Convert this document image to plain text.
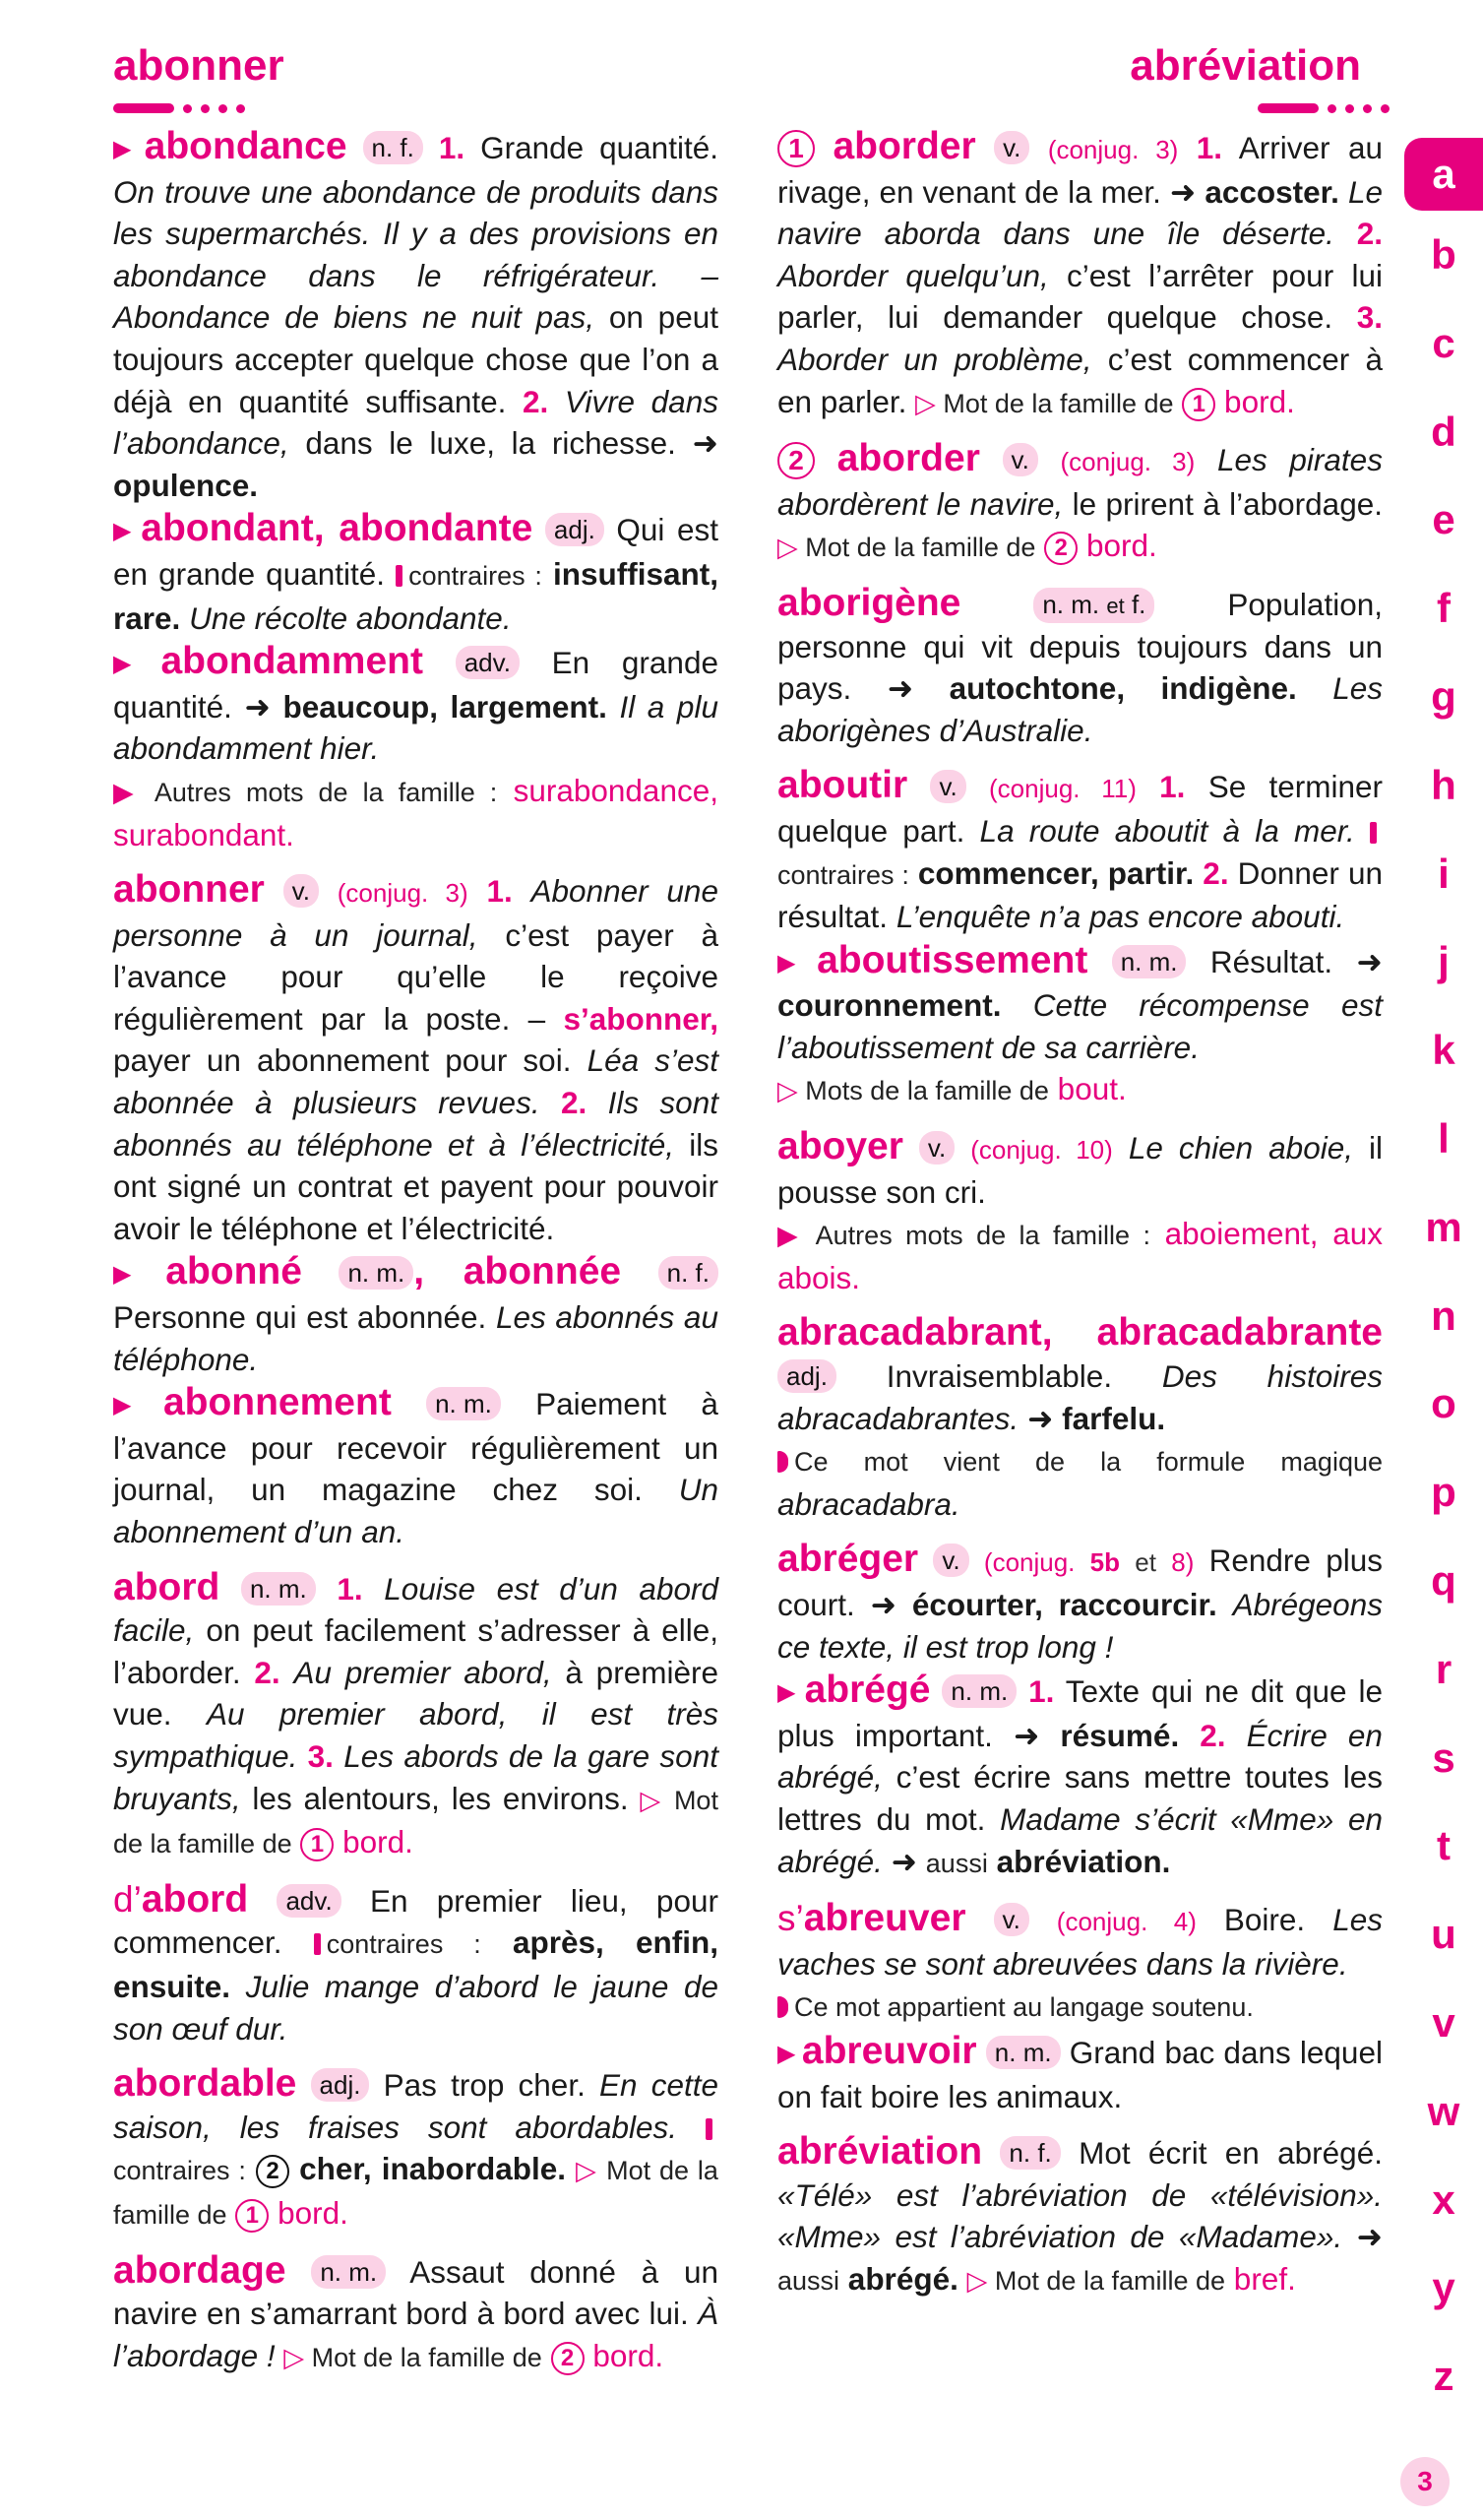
abonner	abréviation
▶ abondance n. f. 1. Grande quantité. On trouve une abondance de produits dans les supermarchés. Il y a des provisions en abondance dans le réfrigérateur. – Abondance de biens ne nuit pas, on peut toujours accepter quelque chose que l’on a déjà en quantité suffisante. 2. Vivre dans l’abondance, dans le luxe, la richesse. ➜ opulence.
▶ abondant, abondante adj. Qui est en grande quantité. contraires : insuffisant, rare. Une récolte abondante.
▶ abondamment adv. En grande quantité. ➜ beaucoup, largement. Il a plu abondamment hier.
▶ Autres mots de la famille : surabondance, surabondant.
abonner v. (conjug. 3) 1. Abonner une personne à un journal, c’est payer à l’avance pour qu’elle le reçoive régulièrement par la poste. – s’abonner, payer un abonnement pour soi. Léa s’est abonnée à plusieurs revues. 2. Ils sont abonnés au téléphone et à l’électricité, ils ont signé un contrat et payent pour pouvoir avoir le téléphone et l’électricité.
▶ abonné n. m. , abonnée n. f. Personne qui est abonnée. Les abonnés au téléphone.
▶ abonnement n. m. Paiement à l’avance pour recevoir régulièrement un journal, un magazine chez soi. Un abonnement d’un an.
abord n. m. 1. Louise est d’un abord facile, on peut facilement s’adresser à elle, l’aborder. 2. Au premier abord, à première vue. Au premier abord, il est très sympathique. 3. Les abords de la gare sont bruyants, les alentours, les environs. ▷ Mot de la famille de 1 bord.
d’abord adv. En premier lieu, pour commencer. contraires : après, enfin, ensuite. Julie mange d’abord le jaune de son œuf dur.
abordable adj. Pas trop cher. En cette saison, les fraises sont abordables. contraires : 2 cher, inabordable. ▷ Mot de la famille de 1 bord.
abordage n. m. Assaut donné à un navire en s’amarrant bord à bord avec lui. À l’abordage ! ▷ Mot de la famille de 2 bord.
1 aborder v. (conjug. 3) 1. Arriver au rivage, en venant de la mer. ➜ accoster. Le navire aborda dans une île déserte. 2. Aborder quelqu’un, c’est l’arrêter pour lui parler, lui demander quelque chose. 3. Aborder un problème, c’est commencer à en parler. ▷ Mot de la famille de 1 bord.
2 aborder v. (conjug. 3) Les pirates abordèrent le navire, le prirent à l’abordage. ▷ Mot de la famille de 2 bord.
aborigène	n. m. et f.	Population, personne qui vit depuis toujours dans un pays. ➜ autochtone, indigène. Les aborigènes d’Australie.
aboutir v. (conjug. 11) 1. Se terminer quelque part. La route aboutit à la mer. contraires : commencer, partir. 2. Donner un résultat. L’enquête n’a pas encore abouti.
▶ aboutissement n. m. Résultat. ➜ couronnement. Cette récompense est l’aboutissement de sa carrière.
▷ Mots de la famille de bout.
aboyer v. (conjug. 10) Le chien aboie, il pousse son cri.
▶ Autres mots de la famille : aboiement, aux abois.
abracadabrant, abracadabrante adj. Invraisemblable. Des histoires abracadabrantes. ➜ farfelu.
Ce mot vient de la formule magique abracadabra.
abréger v. (conjug. 5b et 8) Rendre plus court. ➜ écourter, raccourcir. Abrégeons ce texte, il est trop long !
▶ abrégé n. m. 1. Texte qui ne dit que le plus important. ➜ résumé. 2. Écrire en abrégé, c’est écrire sans mettre toutes les lettres du mot. Madame s’écrit «Mme» en abrégé. ➜ aussi abréviation.
s’abreuver v. (conjug. 4) Boire. Les vaches se sont abreuvées dans la rivière.
Ce mot appartient au langage soutenu.
▶ abreuvoir n. m. Grand bac dans lequel on fait boire les animaux.
abréviation n. f. Mot écrit en abrégé. «Télé» est l’abréviation de «télévision». «Mme» est l’abréviation de «Madame». ➜ aussi abrégé. ▷ Mot de la famille de bref.
a
b
c
d
e
f
g
h
i
j
k
l
m
n
o
p
q
r
s
t
u
v
w
x
y
z
3
